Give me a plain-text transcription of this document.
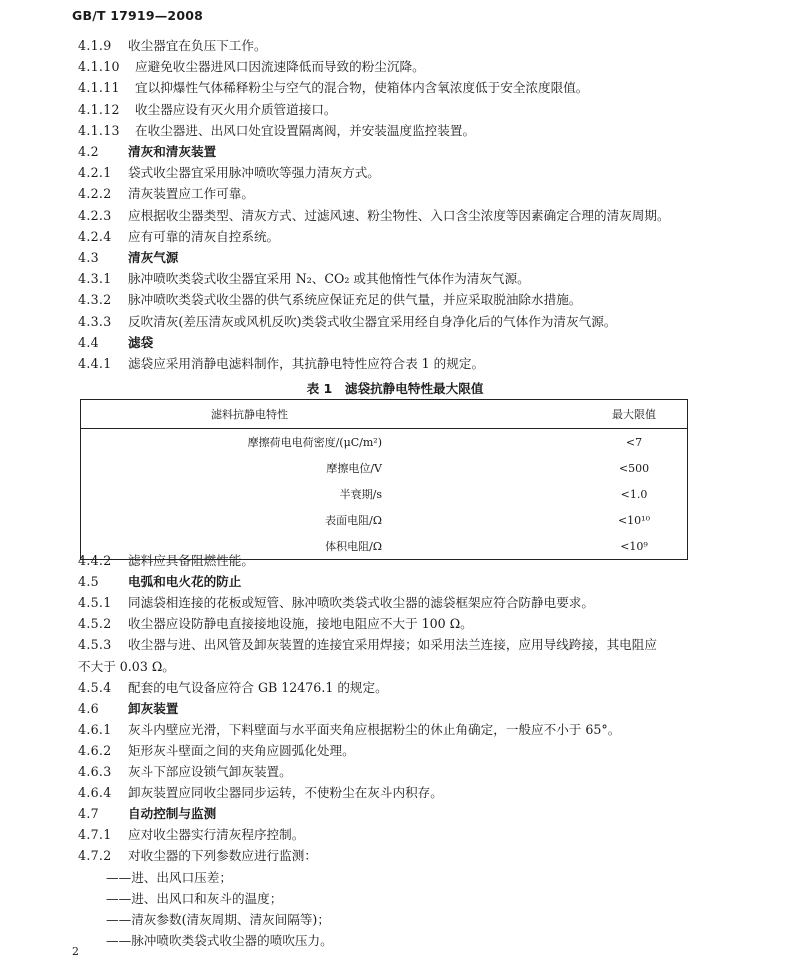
GB/T 17919—2008
4.1.9 收尘器宜在负压下工作。
4.1.10 应避免收尘器进风口因流速降低而导致的粉尘沉降。
4.1.11 宜以抑爆性气体稀释粉尘与空气的混合物，使箱体内含氧浓度低于安全浓度限值。
4.1.12 收尘器应设有灭火用介质管道接口。
4.1.13 在收尘器进、出风口处宜设置隔离阀，并安装温度监控装置。
4.2 清灰和清灰装置
4.2.1 袋式收尘器宜采用脉冲喷吹等强力清灰方式。
4.2.2 清灰装置应工作可靠。
4.2.3 应根据收尘器类型、清灰方式、过滤风速、粉尘物性、入口含尘浓度等因素确定合理的清灰周期。
4.2.4 应有可靠的清灰自控系统。
4.3 清灰气源
4.3.1 脉冲喷吹类袋式收尘器宜采用 N₂、CO₂ 或其他惰性气体作为清灰气源。
4.3.2 脉冲喷吹类袋式收尘器的供气系统应保证充足的供气量，并应采取脱油除水措施。
4.3.3 反吹清灰(差压清灰或风机反吹)类袋式收尘器宜采用经自身净化后的气体作为清灰气源。
4.4 滤袋
4.4.1 滤袋应采用消静电滤料制作，其抗静电特性应符合表 1 的规定。
表 1　滤袋抗静电特性最大限值
滤料抗静电特性	最大限值
摩擦荷电电荷密度/(μC/m²)	<7
摩擦电位/V	<500
半衰期/s	<1.0
表面电阻/Ω	<10¹⁰
体积电阻/Ω	<10⁹
4.4.2 滤料应具备阻燃性能。
4.5 电弧和电火花的防止
4.5.1 同滤袋相连接的花板或短管、脉冲喷吹类袋式收尘器的滤袋框架应符合防静电要求。
4.5.2 收尘器应设防静电直接接地设施，接地电阻应不大于 100 Ω。
4.5.3 收尘器与进、出风管及卸灰装置的连接宜采用焊接；如采用法兰连接，应用导线跨接，其电阻应
不大于 0.03 Ω。
4.5.4 配套的电气设备应符合 GB 12476.1 的规定。
4.6 卸灰装置
4.6.1 灰斗内壁应光滑，下料壁面与水平面夹角应根据粉尘的休止角确定，一般应不小于 65°。
4.6.2 矩形灰斗壁面之间的夹角应圆弧化处理。
4.6.3 灰斗下部应设锁气卸灰装置。
4.6.4 卸灰装置应同收尘器同步运转，不使粉尘在灰斗内积存。
4.7 自动控制与监测
4.7.1 应对收尘器实行清灰程序控制。
4.7.2 对收尘器的下列参数应进行监测：
——进、出风口压差；
——进、出风口和灰斗的温度；
——清灰参数(清灰周期、清灰间隔等)；
——脉冲喷吹类袋式收尘器的喷吹压力。
2
